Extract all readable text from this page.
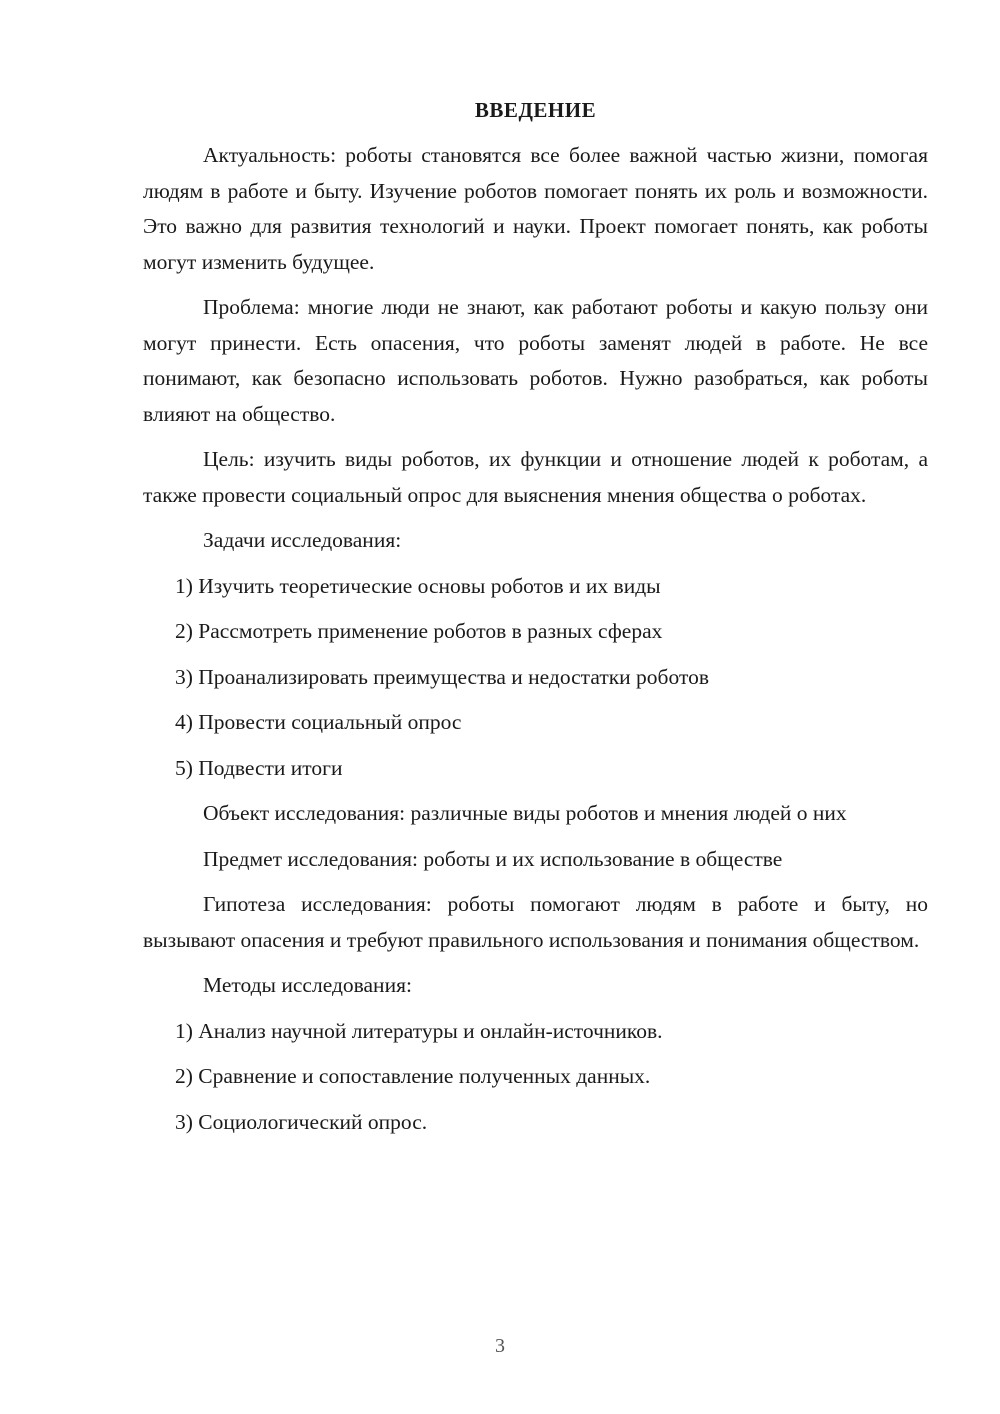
ВВЕДЕНИЕ

Актуальность: роботы становятся все более важной частью жизни, помогая людям в работе и быту. Изучение роботов помогает понять их роль и возможности. Это важно для развития технологий и науки. Проект помогает понять, как роботы могут изменить будущее.

Проблема: многие люди не знают, как работают роботы и какую пользу они могут принести. Есть опасения, что роботы заменят людей в работе. Не все понимают, как безопасно использовать роботов. Нужно разобраться, как роботы влияют на общество.

Цель: изучить виды роботов, их функции и отношение людей к роботам, а также провести социальный опрос для выяснения мнения общества о роботах.

Задачи исследования:

1) Изучить теоретические основы роботов и их виды

2) Рассмотреть применение роботов в разных сферах

3) Проанализировать преимущества и недостатки роботов

4) Провести социальный опрос

5) Подвести итоги

Объект исследования: различные виды роботов и мнения людей о них

Предмет исследования: роботы и их использование в обществе

Гипотеза исследования: роботы помогают людям в работе и быту, но вызывают опасения и требуют правильного использования и понимания обществом.

Методы исследования:

1) Анализ научной литературы и онлайн-источников.

2) Сравнение и сопоставление полученных данных.

3) Социологический опрос.

3
